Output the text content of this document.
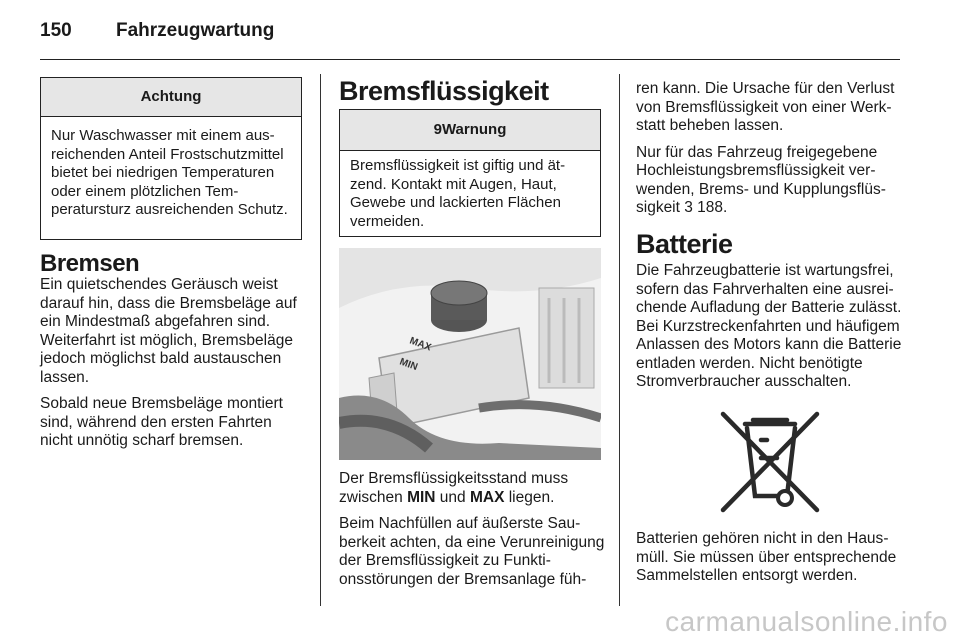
150 Fahrzeugwartung
Achtung
Nur Waschwasser mit einem ausreichenden Anteil Frostschutzmittel bietet bei niedrigen Temperaturen oder einem plötzlichen Temperatursturz ausreichenden Schutz.
Bremsen

Ein quietschendes Geräusch weist darauf hin, dass die Bremsbeläge auf ein Mindestmaß abgefahren sind. Weiterfahrt ist möglich, Bremsbeläge jedoch möglichst bald austauschen lassen.

Sobald neue Bremsbeläge montiert sind, während den ersten Fahrten nicht unnötig scharf bremsen.

Bremsflüssigkeit
9Warnung
Bremsflüssigkeit ist giftig und ätzend. Kontakt mit Augen, Haut, Gewebe und lackierten Flächen vermeiden.
MAX
MIN

Der Bremsflüssigkeitsstand muss zwischen MIN und MAX liegen.

Beim Nachfüllen auf äußerste Sauberkeit achten, da eine Verunreinigung der Bremsflüssigkeit zu Funktionsstörungen der Bremsanlage füh-

ren kann. Die Ursache für den Verlust von Bremsflüssigkeit von einer Werkstatt beheben lassen.

Nur für das Fahrzeug freigegebene Hochleistungsbremsflüssigkeit verwenden, Brems- und Kupplungsflüssigkeit 3 188.

Batterie
Die Fahrzeugbatterie ist wartungsfrei, sofern das Fahrverhalten eine ausreichende Aufladung der Batterie zulässt. Bei Kurzstreckenfahrten und häufigem Anlassen des Motors kann die Batterie entladen werden. Nicht benötigte Stromverbraucher ausschalten.
Batterien gehören nicht in den Hausmüll. Sie müssen über entsprechende Sammelstellen entsorgt werden.
carmanualsonline.info
